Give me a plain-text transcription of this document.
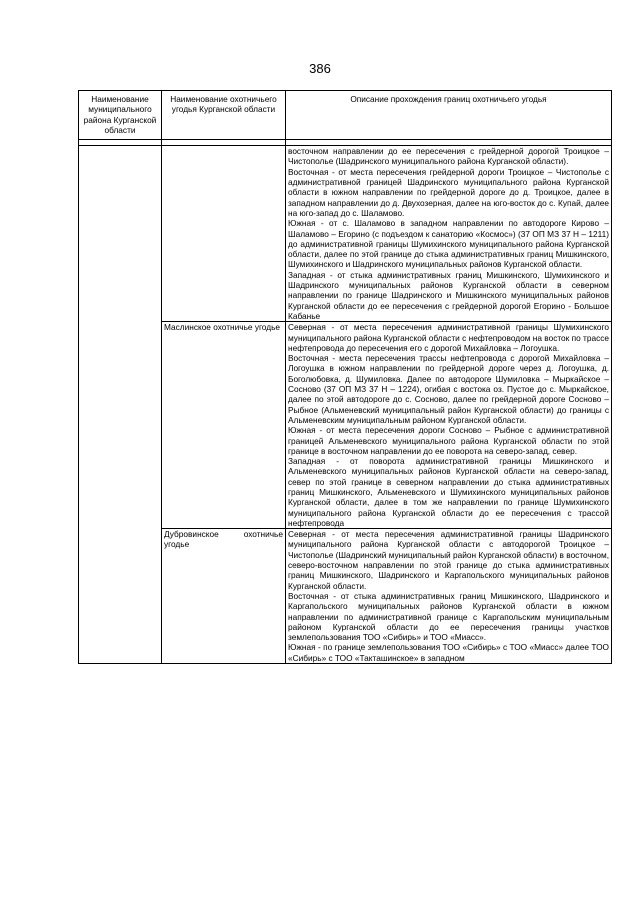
386
Наименование муниципального района Курганской области	Наименование охотничьего угодья Курганской области	Описание прохождения границ охотничьего угодья

		восточном направлении до ее пересечения с грейдерной дорогой Троицкое – Чистополье (Шадринского муниципального района Курганской области).
Восточная - от места пересечения грейдерной дороги Троицкое – Чистополье с административной границей Шадринского муниципального района Курганской области в южном направлении по грейдерной дороге до д. Троицкое, далее в западном направлении до д. Двухозерная, далее на юго-восток до с. Купай, далее на юго-запад до с. Шаламово.
Южная - от с. Шаламово в западном направлении по автодороге Кирово – Шаламово – Егорино (с подъездом к санаторию «Космос») (37 ОП МЗ 37 Н – 1211) до административной границы Шумихинского муниципального района Курганской области, далее по этой границе до стыка административных границ Мишкинского, Шумихинского и Шадринского муниципальных районов Курганской области.
Западная - от стыка административных границ Мишкинского, Шумихинского и Шадринского муниципальных районов Курганской области в северном направлении по границе Шадринского и Мишкинского муниципальных районов Курганской области до ее пересечения с грейдерной дорогой Егорино - Большое Кабанье

	Маслинское охотничье угодье	Северная - от места пересечения административной границы Шумихинского муниципального района Курганской области с нефтепроводом на восток по трассе нефтепровода до пересечения его с дорогой Михайловка – Логоушка.
Восточная - места пересечения трассы нефтепровода с дорогой Михайловка – Логоушка в южном направлении по грейдерной дороге через д. Логоушка, д. Боголюбовка, д. Шумиловка. Далее по автодороге Шумиловка – Мыркайское – Сосново (37 ОП МЗ 37 Н – 1224), огибая с востока оз. Пустое до с. Мыркайское, далее по этой автодороге до с. Сосново, далее по грейдерной дороге Сосново – Рыбное (Альменевский муниципальный район Курганской области) до границы с Альменевским муниципальным районом Курганской области.
Южная - от места пересечения дороги Сосново – Рыбное с административной границей Альменевского муниципального района Курганской области по этой границе в восточном направлении до ее поворота на северо-запад, север.
Западная - от поворота административной границы Мишкинского и Альменевского муниципальных районов Курганской области на северо-запад, север по этой границе в северном направлении до стыка административных границ Мишкинского, Альменевского и Шумихинского муниципальных районов Курганской области, далее в том же направлении по границе Шумихинского муниципального района Курганской области до ее пересечения с трассой нефтепровода

	Дубровинское охотничье угодье	Северная - от места пересечения административной границы Шадринского муниципального района Курганской области с автодорогой Троицкое – Чистополье (Шадринский муниципальный район Курганской области) в восточном, северо-восточном направлении по этой границе до стыка административных границ Мишкинского, Шадринского и Каргапольского муниципальных районов Курганской области.
Восточная - от стыка административных границ Мишкинского, Шадринского и Каргапольского муниципальных районов Курганской области в южном направлении по административной границе с Каргапольским муниципальным районом Курганской области до ее пересечения границы участков землепользования ТОО «Сибирь» и ТОО «Миасс».
Южная - по границе землепользования ТОО «Сибирь» с ТОО «Миасс» далее ТОО «Сибирь» с ТОО «Такташинское» в западном
